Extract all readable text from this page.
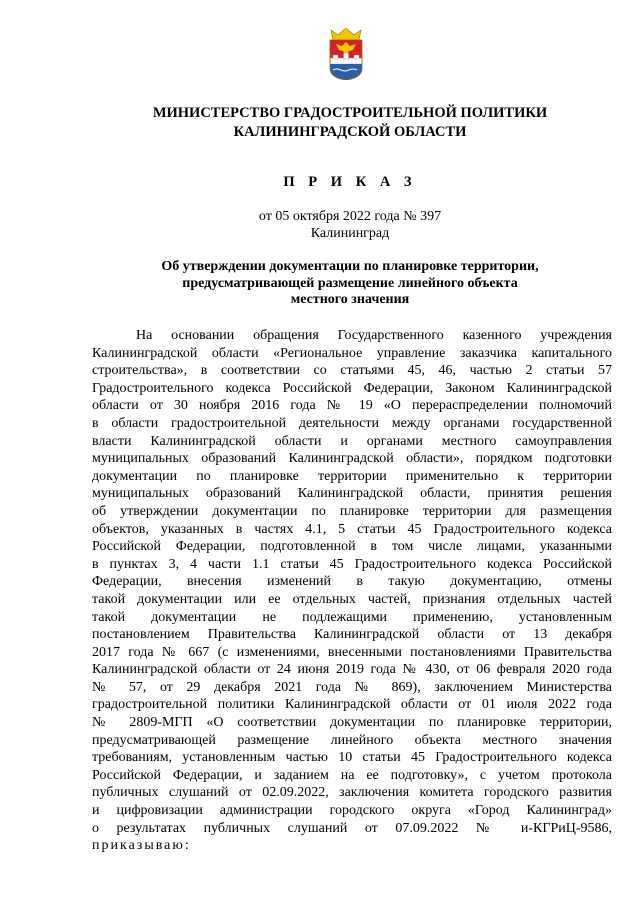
МИНИСТЕРСТВО ГРАДОСТРОИТЕЛЬНОЙ ПОЛИТИКИ
КАЛИНИНГРАДСКОЙ ОБЛАСТИ
П Р И К А З
от 05 октября 2022 года № 397
Калининград
Об утверждении документации по планировке территории,
предусматривающей размещение линейного объекта
местного значения
На основании обращения Государственного казенного учреждения
Калининградской области «Региональное управление заказчика капитального
строительства», в соответствии со статьями 45, 46, частью 2 статьи 57
Градостроительного кодекса Российской Федерации, Законом Калининградской
области от 30 ноября 2016 года № 19 «О перераспределении полномочий
в области градостроительной деятельности между органами государственной
власти Калининградской области и органами местного самоуправления
муниципальных образований Калининградской области», порядком подготовки
документации по планировке территории применительно к территории
муниципальных образований Калининградской области, принятия решения
об утверждении документации по планировке территории для размещения
объектов, указанных в частях 4.1, 5 статьи 45 Градостроительного кодекса
Российской Федерации, подготовленной в том числе лицами, указанными
в пунктах 3, 4 части 1.1 статьи 45 Градостроительного кодекса Российской
Федерации, внесения изменений в такую документацию, отмены
такой документации или ее отдельных частей, признания отдельных частей
такой документации не подлежащими применению, установленным
постановлением Правительства Калининградской области от 13 декабря
2017 года № 667 (с изменениями, внесенными постановлениями Правительства
Калининградской области от 24 июня 2019 года № 430, от 06 февраля 2020 года
№ 57, от 29 декабря 2021 года № 869), заключением Министерства
градостроительной политики Калининградской области от 01 июля 2022 года
№ 2809-МГП «О соответствии документации по планировке территории,
предусматривающей размещение линейного объекта местного значения
требованиям, установленным частью 10 статьи 45 Градостроительного кодекса
Российской Федерации, и заданием на ее подготовку», с учетом протокола
публичных слушаний от 02.09.2022, заключения комитета городского развития
и цифровизации администрации городского округа «Город Калининград»
о результатах публичных слушаний от 07.09.2022 № и-КГРиЦ-9586,
приказываю:
